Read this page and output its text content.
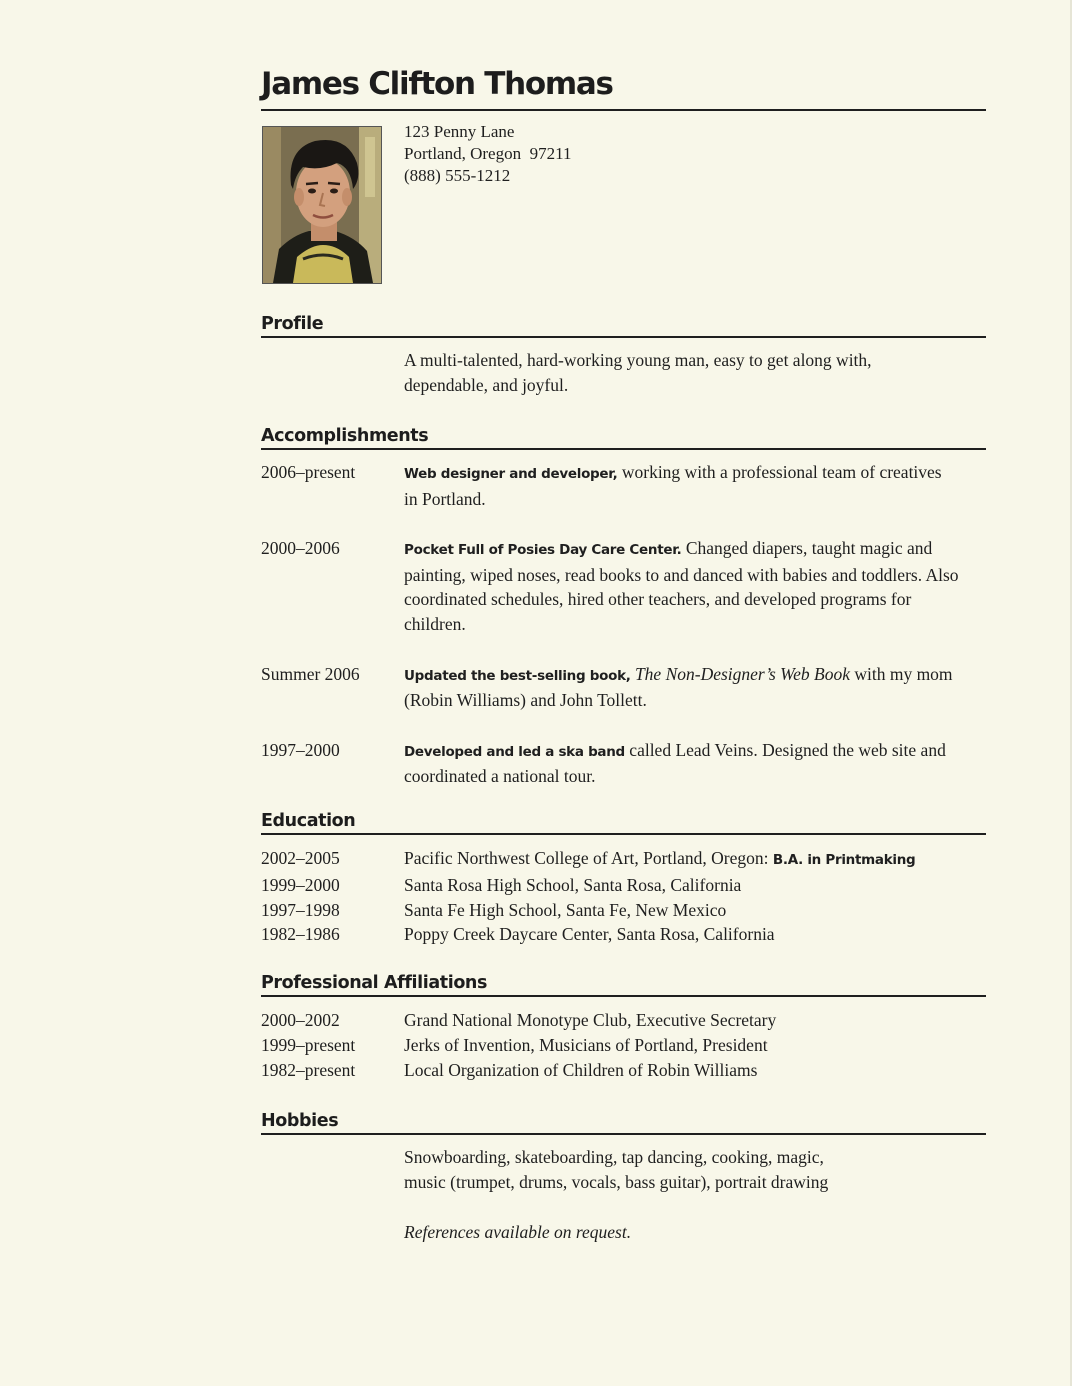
James Clifton Thomas
123 Penny Lane
Portland, Oregon  97211
(888) 555-1212
Profile
A multi-talented, hard-working young man, easy to get along with,
dependable, and joyful.
Accomplishments
2006–present	Web designer and developer, working with a professional team of creatives in Portland.
2000–2006	Pocket Full of Posies Day Care Center. Changed diapers, taught magic and painting, wiped noses, read books to and danced with babies and toddlers. Also coordinated schedules, hired other teachers, and developed programs for children.
Summer 2006	Updated the best-selling book, The Non-Designer’s Web Book with my mom (Robin Williams) and John Tollett.
1997–2000	Developed and led a ska band called Lead Veins. Designed the web site and coordinated a national tour.
Education
2002–2005	Pacific Northwest College of Art, Portland, Oregon: B.A. in Printmaking
1999–2000	Santa Rosa High School, Santa Rosa, California
1997–1998	Santa Fe High School, Santa Fe, New Mexico
1982–1986	Poppy Creek Daycare Center, Santa Rosa, California
Professional Affiliations
2000–2002	Grand National Monotype Club, Executive Secretary
1999–present	Jerks of Invention, Musicians of Portland, President
1982–present	Local Organization of Children of Robin Williams
Hobbies
Snowboarding, skateboarding, tap dancing, cooking, magic,
music (trumpet, drums, vocals, bass guitar), portrait drawing
References available on request.
